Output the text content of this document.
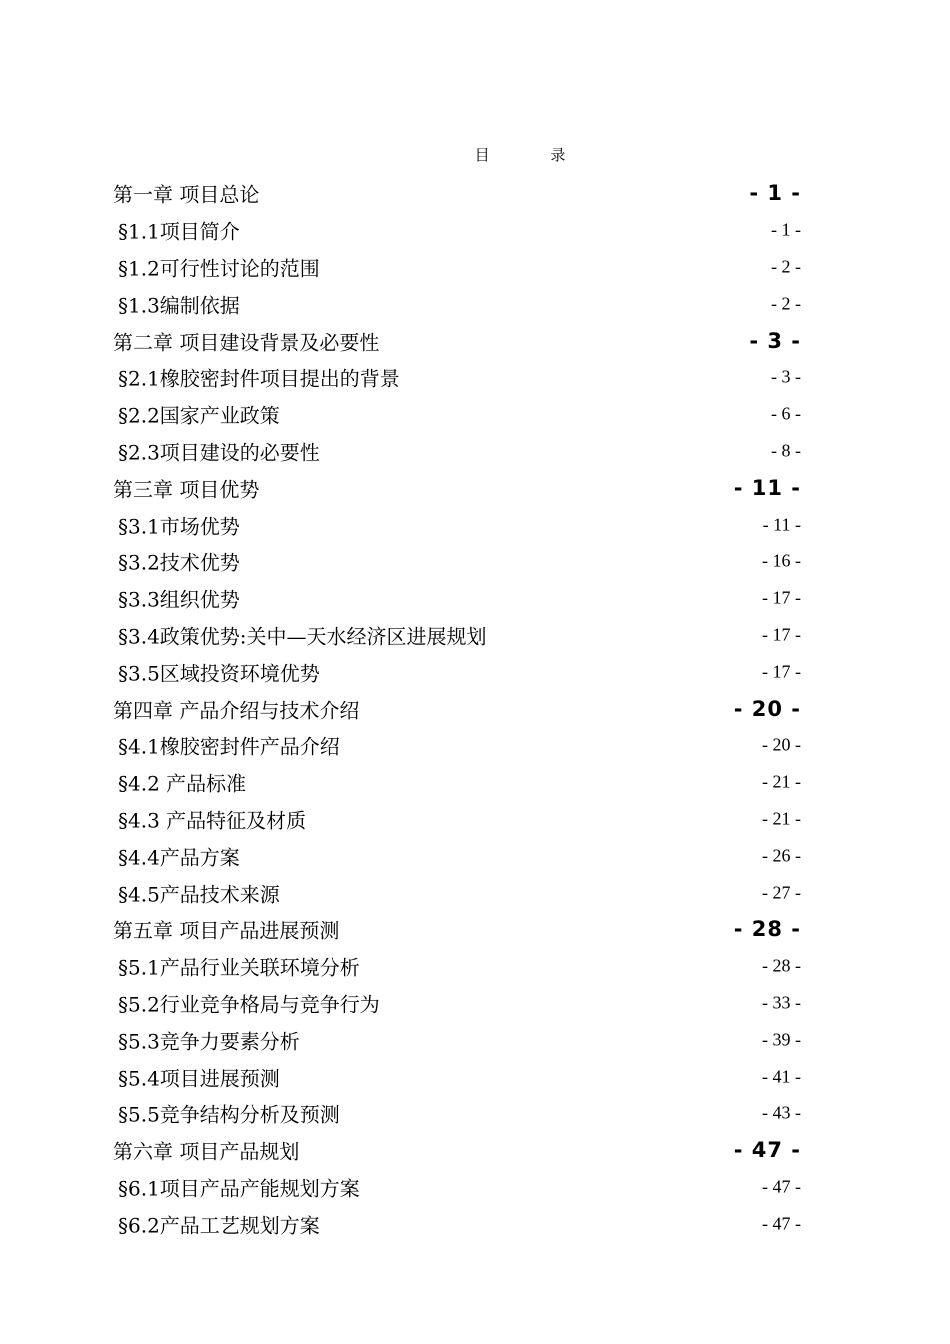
目 录
第一章 项目总论	- 1 -
§1.1项目简介	- 1 -
§1.2可行性讨论的范围	- 2 -
§1.3编制依据	- 2 -
第二章 项目建设背景及必要性	- 3 -
§2.1橡胶密封件项目提出的背景	- 3 -
§2.2国家产业政策	- 6 -
§2.3项目建设的必要性	- 8 -
第三章 项目优势	- 11 -
§3.1市场优势	- 11 -
§3.2技术优势	- 16 -
§3.3组织优势	- 17 -
§3.4政策优势:关中—天水经济区进展规划	- 17 -
§3.5区域投资环境优势	- 17 -
第四章 产品介绍与技术介绍	- 20 -
§4.1橡胶密封件产品介绍	- 20 -
§4.2 产品标准	- 21 -
§4.3 产品特征及材质	- 21 -
§4.4产品方案	- 26 -
§4.5产品技术来源	- 27 -
第五章 项目产品进展预测	- 28 -
§5.1产品行业关联环境分析	- 28 -
§5.2行业竞争格局与竞争行为	- 33 -
§5.3竞争力要素分析	- 39 -
§5.4项目进展预测	- 41 -
§5.5竞争结构分析及预测	- 43 -
第六章 项目产品规划	- 47 -
§6.1项目产品产能规划方案	- 47 -
§6.2产品工艺规划方案	- 47 -
